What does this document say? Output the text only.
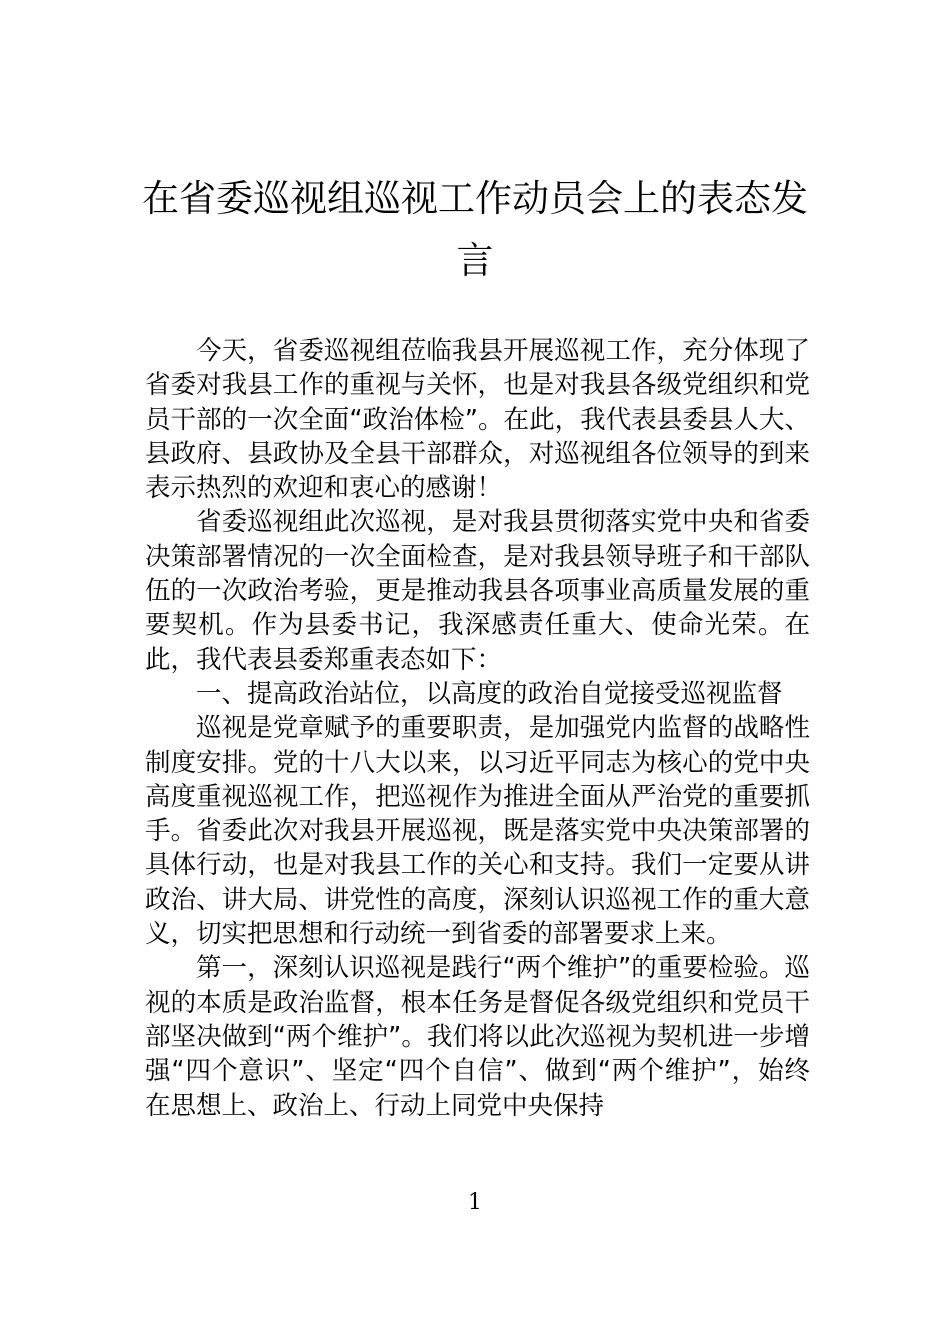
在省委巡视组巡视工作动员会上的表态发言

今天，省委巡视组莅临我县开展巡视工作，充分体现了省委对我县工作的重视与关怀，也是对我县各级党组织和党员干部的一次全面“政治体检”。在此，我代表县委县人大、县政府、县政协及全县干部群众，对巡视组各位领导的到来表示热烈的欢迎和衷心的感谢！

省委巡视组此次巡视，是对我县贯彻落实党中央和省委决策部署情况的一次全面检查，是对我县领导班子和干部队伍的一次政治考验，更是推动我县各项事业高质量发展的重要契机。作为县委书记，我深感责任重大、使命光荣。在此，我代表县委郑重表态如下：

一、提高政治站位，以高度的政治自觉接受巡视监督

巡视是党章赋予的重要职责，是加强党内监督的战略性制度安排。党的十八大以来，以习近平同志为核心的党中央高度重视巡视工作，把巡视作为推进全面从严治党的重要抓手。省委此次对我县开展巡视，既是落实党中央决策部署的具体行动，也是对我县工作的关心和支持。我们一定要从讲政治、讲大局、讲党性的高度，深刻认识巡视工作的重大意义，切实把思想和行动统一到省委的部署要求上来。

第一，深刻认识巡视是践行“两个维护”的重要检验。巡视的本质是政治监督，根本任务是督促各级党组织和党员干部坚决做到“两个维护”。我们将以此次巡视为契机进一步增强“四个意识”、坚定“四个自信”、做到“两个维护”，始终在思想上、政治上、行动上同党中央保持

1
